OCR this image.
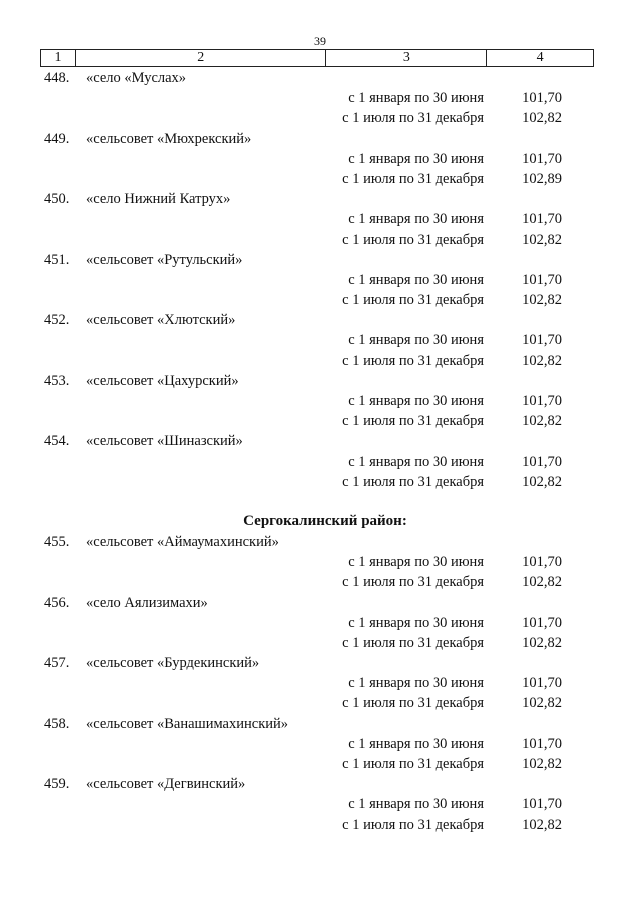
39
1	2	3	4
448.	«село «Муслах»
с 1 января по 30 июня	101,70
с 1 июля по 31 декабря	102,82
449.	«сельсовет «Мюхрекский»
с 1 января по 30 июня	101,70
с 1 июля по 31 декабря	102,89
450.	«село Нижний Катрух»
с 1 января по 30 июня	101,70
с 1 июля по 31 декабря	102,82
451.	«сельсовет «Рутульский»
с 1 января по 30 июня	101,70
с 1 июля по 31 декабря	102,82
452.	«сельсовет «Хлютский»
с 1 января по 30 июня	101,70
с 1 июля по 31 декабря	102,82
453.	«сельсовет «Цахурский»
с 1 января по 30 июня	101,70
с 1 июля по 31 декабря	102,82
454.	«сельсовет «Шиназский»
с 1 января по 30 июня	101,70
с 1 июля по 31 декабря	102,82
Сергокалинский район:
455.	«сельсовет «Аймаумахинский»
с 1 января по 30 июня	101,70
с 1 июля по 31 декабря	102,82
456.	«село Аялизимахи»
с 1 января по 30 июня	101,70
с 1 июля по 31 декабря	102,82
457.	«сельсовет «Бурдекинский»
с 1 января по 30 июня	101,70
с 1 июля по 31 декабря	102,82
458.	«сельсовет «Ванашимахинский»
с 1 января по 30 июня	101,70
с 1 июля по 31 декабря	102,82
459.	«сельсовет «Дегвинский»
с 1 января по 30 июня	101,70
с 1 июля по 31 декабря	102,82
